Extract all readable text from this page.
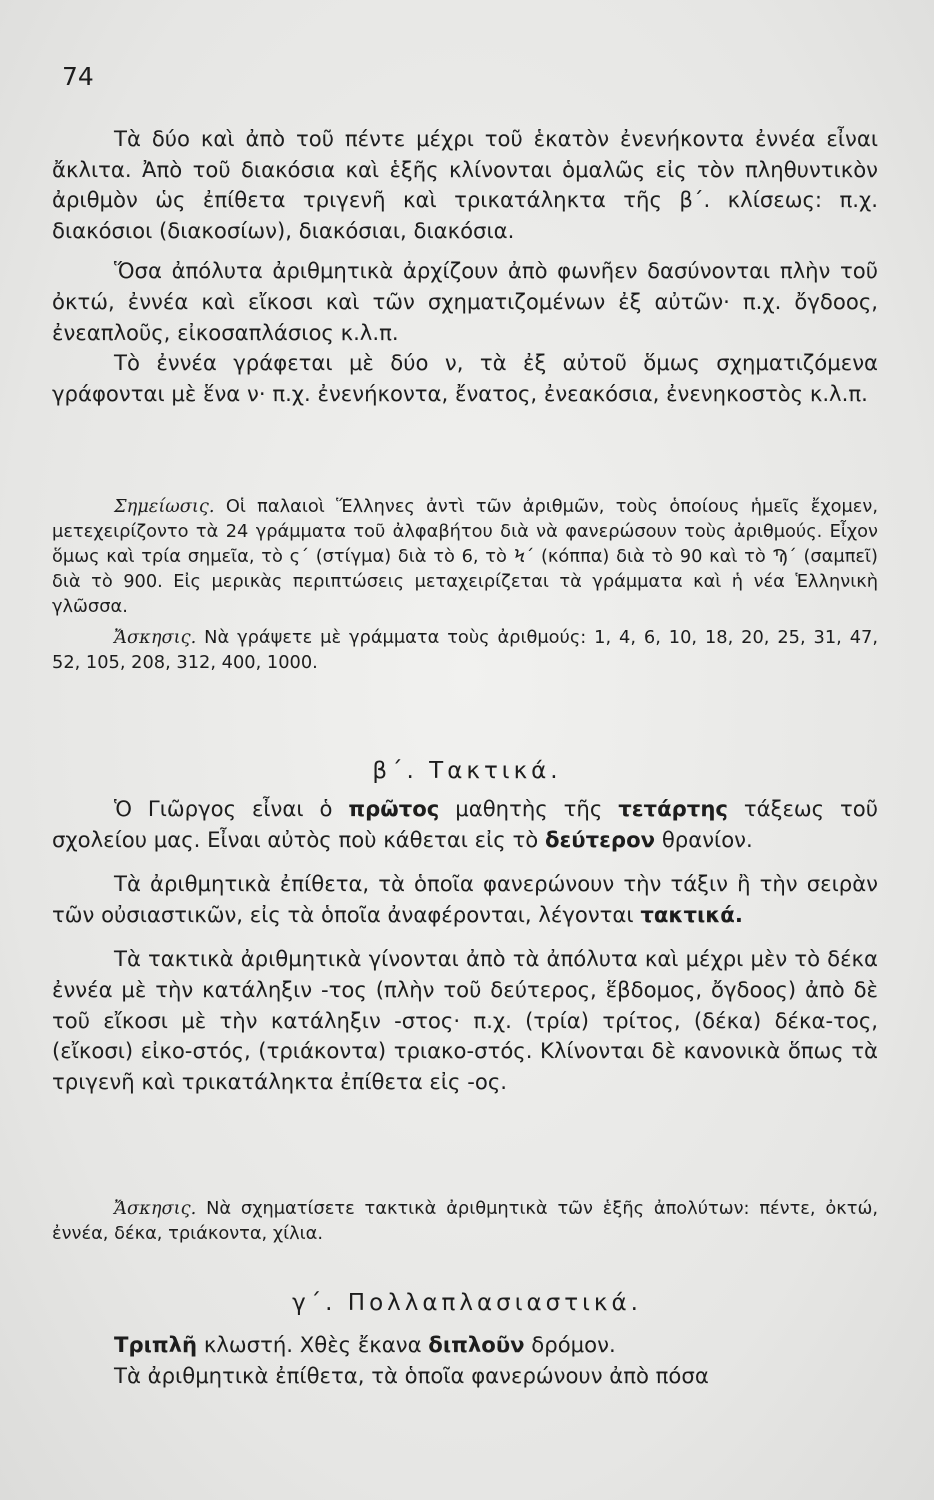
74

Τὰ δύο καὶ ἀπὸ τοῦ πέντε μέχρι τοῦ ἑκατὸν ἐνενήκοντα ἐννέα εἶναι ἄκλιτα. Ἀπὸ τοῦ διακόσια καὶ ἑξῆς κλίνονται ὁμαλῶς εἰς τὸν πληθυντικὸν ἀριθμὸν ὡς ἐπίθετα τριγενῆ καὶ τρικατάληκτα τῆς β΄. κλίσεως: π.χ. διακόσιοι (διακοσίων), διακόσιαι, διακόσια.

Ὅσα ἀπόλυτα ἀριθμητικὰ ἀρχίζουν ἀπὸ φωνῆεν δασύνονται πλὴν τοῦ ὀκτώ, ἐννέα καὶ εἴκοσι καὶ τῶν σχηματιζομένων ἐξ αὐτῶν· π.χ. ὄγδοος, ἐνεαπλοῦς, εἰκοσαπλάσιος κ.λ.π.

Τὸ ἐννέα γράφεται μὲ δύο ν, τὰ ἐξ αὐτοῦ ὅμως σχηματιζόμενα γράφονται μὲ ἕνα ν· π.χ. ἐνενήκοντα, ἔνατος, ἐνεακόσια, ἐνενηκοστὸς κ.λ.π.

Σημείωσις. Οἱ παλαιοὶ Ἕλληνες ἀντὶ τῶν ἀριθμῶν, τοὺς ὁποίους ἡμεῖς ἔχομεν, μετεχειρίζοντο τὰ 24 γράμματα τοῦ ἀλφαβήτου διὰ νὰ φανερώσουν τοὺς ἀριθμούς. Εἶχον ὅμως καὶ τρία σημεῖα, τὸ ς΄ (στίγμα) διὰ τὸ 6, τὸ Ϟ΄ (κόππα) διὰ τὸ 90 καὶ τὸ Ϡ΄ (σαμπεῖ) διὰ τὸ 900. Εἰς μερικὰς περιπτώσεις μεταχειρίζεται τὰ γράμματα καὶ ἡ νέα Ἑλληνικὴ γλῶσσα.

Ἄσκησις. Νὰ γράψετε μὲ γράμματα τοὺς ἀριθμούς: 1, 4, 6, 10, 18, 20, 25, 31, 47, 52, 105, 208, 312, 400, 1000.

β΄. Τακτικά.

Ὁ Γιῶργος εἶναι ὁ πρῶτος μαθητὴς τῆς τετάρτης τάξεως τοῦ σχολείου μας. Εἶναι αὐτὸς ποὺ κάθεται εἰς τὸ δεύτερον θρανίον.

Τὰ ἀριθμητικὰ ἐπίθετα, τὰ ὁποῖα φανερώνουν τὴν τάξιν ἢ τὴν σειρὰν τῶν οὐσιαστικῶν, εἰς τὰ ὁποῖα ἀναφέρονται, λέγονται τακτικά.

Τὰ τακτικὰ ἀριθμητικὰ γίνονται ἀπὸ τὰ ἀπόλυτα καὶ μέχρι μὲν τὸ δέκα ἐννέα μὲ τὴν κατάληξιν -τος (πλὴν τοῦ δεύτερος, ἕβδομος, ὄγδοος) ἀπὸ δὲ τοῦ εἴκοσι μὲ τὴν κατάληξιν -στος· π.χ. (τρία) τρίτος, (δέκα) δέκα-τος, (εἴκοσι) εἰκο-στός, (τριάκοντα) τριακο-στός. Κλίνονται δὲ κανονικὰ ὅπως τὰ τριγενῆ καὶ τρικατάληκτα ἐπίθετα εἰς -ος.

Ἄσκησις. Νὰ σχηματίσετε τακτικὰ ἀριθμητικὰ τῶν ἑξῆς ἀπολύτων: πέντε, ὀκτώ, ἐννέα, δέκα, τριάκοντα, χίλια.

γ΄. Πολλαπλασιαστικά.

Τριπλῆ κλωστή. Χθὲς ἔκανα διπλοῦν δρόμον.

Τὰ ἀριθμητικὰ ἐπίθετα, τὰ ὁποῖα φανερώνουν ἀπὸ πόσα
